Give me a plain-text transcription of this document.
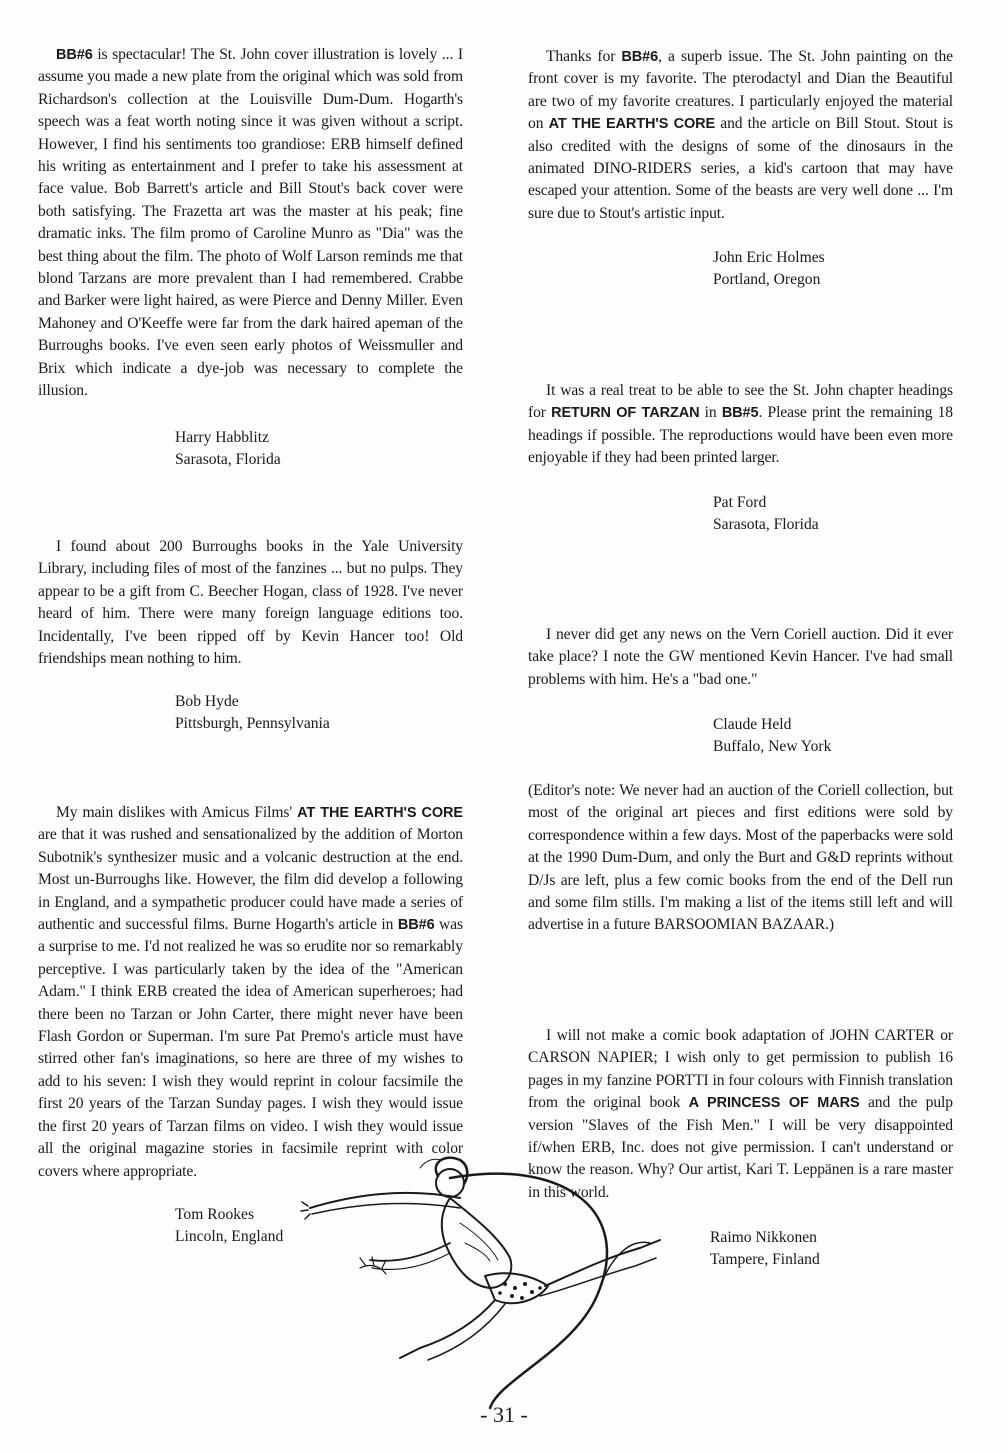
BB#6 is spectacular! The St. John cover illustration is lovely ... I assume you made a new plate from the original which was sold from Richardson's collection at the Louisville Dum-Dum. Hogarth's speech was a feat worth noting since it was given without a script. However, I find his sentiments too grandiose: ERB himself defined his writing as entertainment and I prefer to take his assessment at face value. Bob Barrett's article and Bill Stout's back cover were both satisfying. The Frazetta art was the master at his peak; fine dramatic inks. The film promo of Caroline Munro as "Dia" was the best thing about the film. The photo of Wolf Larson reminds me that blond Tarzans are more prevalent than I had remembered. Crabbe and Barker were light haired, as were Pierce and Denny Miller. Even Mahoney and O'Keeffe were far from the dark haired apeman of the Burroughs books. I've even seen early photos of Weissmuller and Brix which indicate a dye-job was necessary to complete the illusion.

Harry Habblitz
Sarasota, Florida

I found about 200 Burroughs books in the Yale University Library, including files of most of the fanzines ... but no pulps. They appear to be a gift from C. Beecher Hogan, class of 1928. I've never heard of him. There were many foreign language editions too. Incidentally, I've been ripped off by Kevin Hancer too! Old friendships mean nothing to him.

Bob Hyde
Pittsburgh, Pennsylvania

My main dislikes with Amicus Films' AT THE EARTH'S CORE are that it was rushed and sensationalized by the addition of Morton Subotnik's synthesizer music and a volcanic destruction at the end. Most un-Burroughs like. However, the film did develop a following in England, and a sympathetic producer could have made a series of authentic and successful films. Burne Hogarth's article in BB#6 was a surprise to me. I'd not realized he was so erudite nor so remarkably perceptive. I was particularly taken by the idea of the "American Adam." I think ERB created the idea of American superheroes; had there been no Tarzan or John Carter, there might never have been Flash Gordon or Superman. I'm sure Pat Premo's article must have stirred other fan's imaginations, so here are three of my wishes to add to his seven: I wish they would reprint in colour facsimile the first 20 years of the Tarzan Sunday pages. I wish they would issue the first 20 years of Tarzan films on video. I wish they would issue all the original magazine stories in facsimile reprint with color covers where appropriate.

Tom Rookes
Lincoln, England

Thanks for BB#6, a superb issue. The St. John painting on the front cover is my favorite. The pterodactyl and Dian the Beautiful are two of my favorite creatures. I particularly enjoyed the material on AT THE EARTH'S CORE and the article on Bill Stout. Stout is also credited with the designs of some of the dinosaurs in the animated DINO-RIDERS series, a kid's cartoon that may have escaped your attention. Some of the beasts are very well done ... I'm sure due to Stout's artistic input.

John Eric Holmes
Portland, Oregon

It was a real treat to be able to see the St. John chapter headings for RETURN OF TARZAN in BB#5. Please print the remaining 18 headings if possible. The reproductions would have been even more enjoyable if they had been printed larger.

Pat Ford
Sarasota, Florida

I never did get any news on the Vern Coriell auction. Did it ever take place? I note the GW mentioned Kevin Hancer. I've had small problems with him. He's a "bad one."

Claude Held
Buffalo, New York

(Editor's note: We never had an auction of the Coriell collection, but most of the original art pieces and first editions were sold by correspondence within a few days. Most of the paperbacks were sold at the 1990 Dum-Dum, and only the Burt and G&D reprints without D/Js are left, plus a few comic books from the end of the Dell run and some film stills. I'm making a list of the items still left and will advertise in a future BARSOOMIAN BAZAAR.)

I will not make a comic book adaptation of JOHN CARTER or CARSON NAPIER; I wish only to get permission to publish 16 pages in my fanzine PORTTI in four colours with Finnish translation from the original book A PRINCESS OF MARS and the pulp version "Slaves of the Fish Men." I will be very disappointed if/when ERB, Inc. does not give permission. I can't understand or know the reason. Why? Our artist, Kari T. Leppänen is a rare master in this world.

Raimo Nikkonen
Tampere, Finland
- 31 -
